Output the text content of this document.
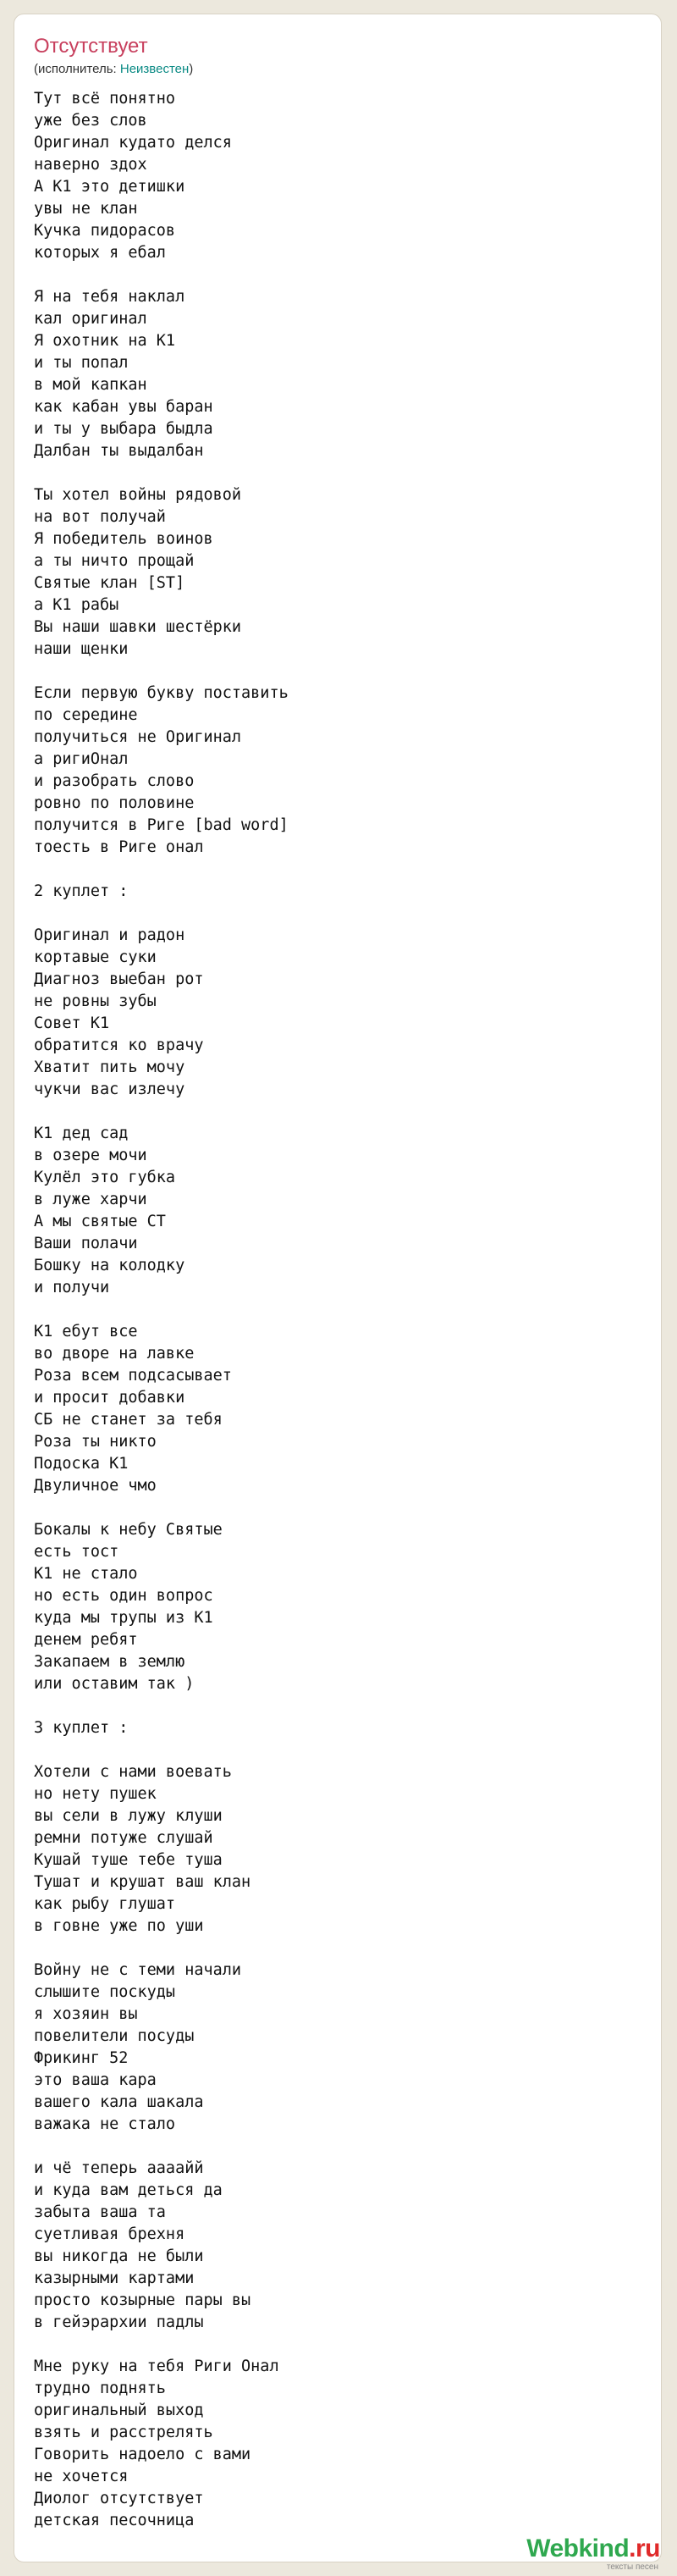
Отсутствует
(исполнитель: Неизвестен)
Тут всё понятно
уже без слов
Оригинал кудато делся
наверно здох
А К1 это детишки
увы не клан
Кучка пидорасов
которых я ебал

Я на тебя наклал
кал оригинал
Я охотник на К1
и ты попал
в мой капкан
как кабан увы баран
и ты у выбара быдла
Далбан ты выдалбан

Ты хотел войны рядовой
на вот получай
Я победитель воинов
а ты ничто прощай
Святые клан [ST]
а К1 рабы
Вы наши шавки шестёрки
наши щенки

Если первую букву поставить
по середине
получиться не Оригинал
а ригиОнал
и разобрать слово
ровно по половине
получится в Риге [bad word]
тоесть в Риге онал

2 куплет :

Оригинал и радон
кортавые суки
Диагноз выебан рот
не ровны зубы
Совет К1
обратится ко врачу
Хватит пить мочу
чукчи вас излечу

К1 дед сад
в озере мочи
Кулёл это губка
в луже харчи
А мы святые СТ
Ваши полачи
Бошку на колодку
и получи

К1 ебут все
во дворе на лавке
Роза всем подсасывает
и просит добавки
СБ не станет за тебя
Роза ты никто
Подоска К1
Двуличное чмо

Бокалы к небу Святые
есть тост
К1 не стало
но есть один вопрос
куда мы трупы из К1
денем ребят
Закапаем в землю
или оставим так )

3 куплет :

Хотели с нами воевать
но нету пушек
вы сели в лужу клуши
ремни потуже слушай
Кушай туше тебе туша
Тушат и крушат ваш клан
как рыбу глушат
в говне уже по уши

Войну не с теми начали
слышите поскуды
я хозяин вы
повелители посуды
Фрикинг 52
это ваша кара
вашего кала шакала
важака не стало

и чё теперь аааайй
и куда вам деться да
забыта ваша та
суетливая брехня
вы никогда не были
казырными картами
просто козырные пары вы
в гейэрархии падлы

Мне руку на тебя Риги Онал
трудно поднять
оригинальный выход
взять и расстрелять
Говорить надоело с вами
не хочется
Диолог отсутствует
детская песочница

Webkind.ru
тексты песен
